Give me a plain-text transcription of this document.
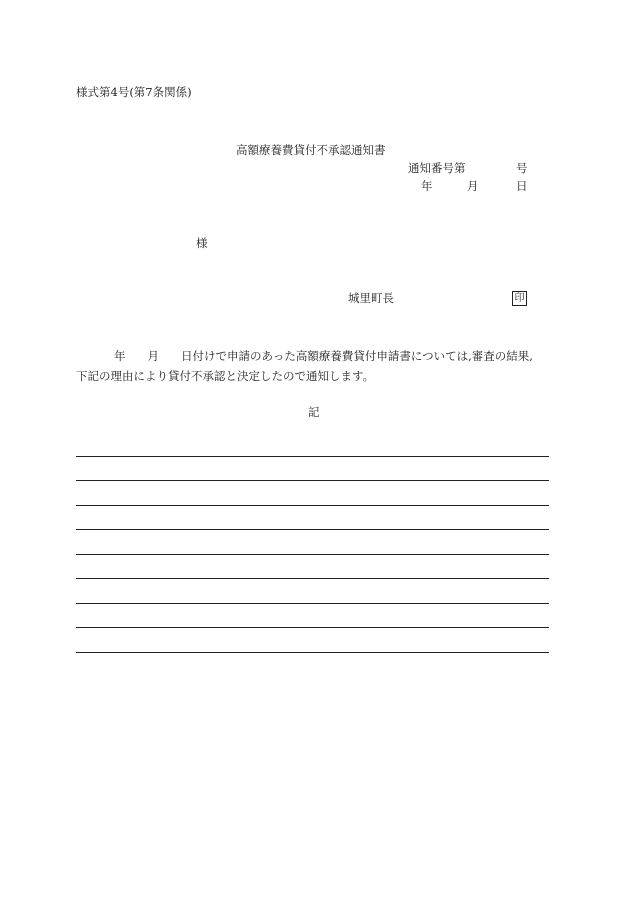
様式第4号(第7条関係)
高額療養費貸付不承認通知書
通知番号第	号
年	月	日
様
城里町長	印
年 月 日付けで申請のあった高額療養費貸付申請書については,審査の結果,
下記の理由により貸付不承認と決定したので通知します。
記
